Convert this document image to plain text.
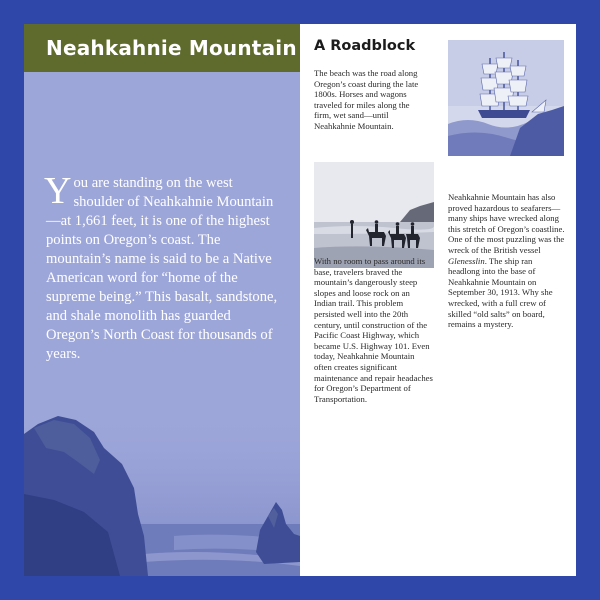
Neahkahnie Mountain

You are standing on the west shoulder of Neahkahnie Mountain—at 1,661 feet, it is one of the highest points on Oregon’s coast. The mountain’s name is said to be a Native American word for “home of the supreme being.” This basalt, sandstone, and shale monolith has guarded Oregon’s North Coast for thousands of years.

A Roadblock

The beach was the road along Oregon’s coast during the late 1800s. Horses and wagons traveled for miles along the firm, wet sand—until Neahkahnie Mountain.

Neahkahnie Mountain has also proved hazardous to seafarers—many ships have wrecked along this stretch of Oregon’s coastline. One of the most puzzling was the wreck of the British vessel Glenesslin. The ship ran headlong into the base of Neahkahnie Mountain on September 30, 1913. Why she wrecked, with a full crew of skilled “old salts” on board, remains a mystery.

With no room to pass around its base, travelers braved the mountain’s dangerously steep slopes and loose rock on an Indian trail. This problem persisted well into the 20th century, until construction of the Pacific Coast Highway, which became U.S. Highway 101. Even today, Neahkahnie Mountain often creates significant maintenance and repair headaches for Oregon’s Department of Transportation.
